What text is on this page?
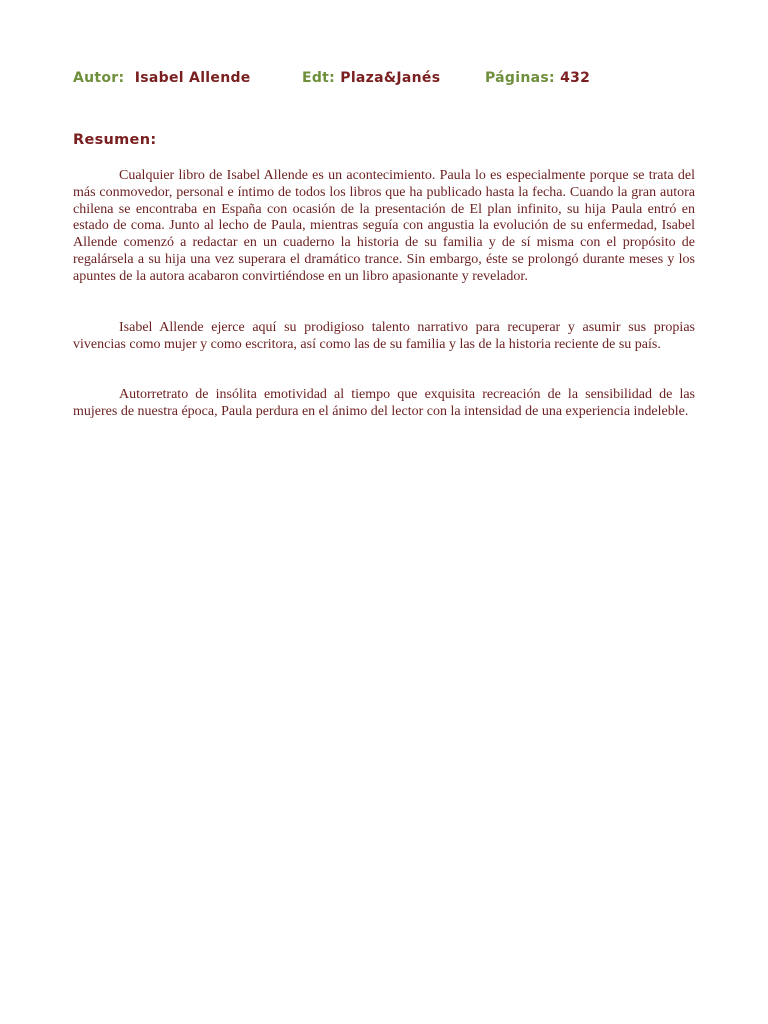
Autor: Isabel Allende	Edt: Plaza&Janés	Páginas: 432
Resumen:

Cualquier libro de Isabel Allende es un acontecimiento. Paula lo es especialmente porque se trata del más conmovedor, personal e íntimo de todos los libros que ha publicado hasta la fecha. Cuando la gran autora chilena se encontraba en España con ocasión de la presentación de El plan infinito, su hija Paula entró en estado de coma. Junto al lecho de Paula, mientras seguía con angustia la evolución de su enfermedad, Isabel Allende comenzó a redactar en un cuaderno la historia de su familia y de sí misma con el propósito de regalársela a su hija una vez superara el dramático trance. Sin embargo, éste se prolongó durante meses y los apuntes de la autora acabaron convirtiéndose en un libro apasionante y revelador.

Isabel Allende ejerce aquí su prodigioso talento narrativo para recuperar y asumir sus propias vivencias como mujer y como escritora, así como las de su familia y las de la historia reciente de su país.

Autorretrato de insólita emotividad al tiempo que exquisita recreación de la sensibilidad de las mujeres de nuestra época, Paula perdura en el ánimo del lector con la intensidad de una experiencia indeleble.
